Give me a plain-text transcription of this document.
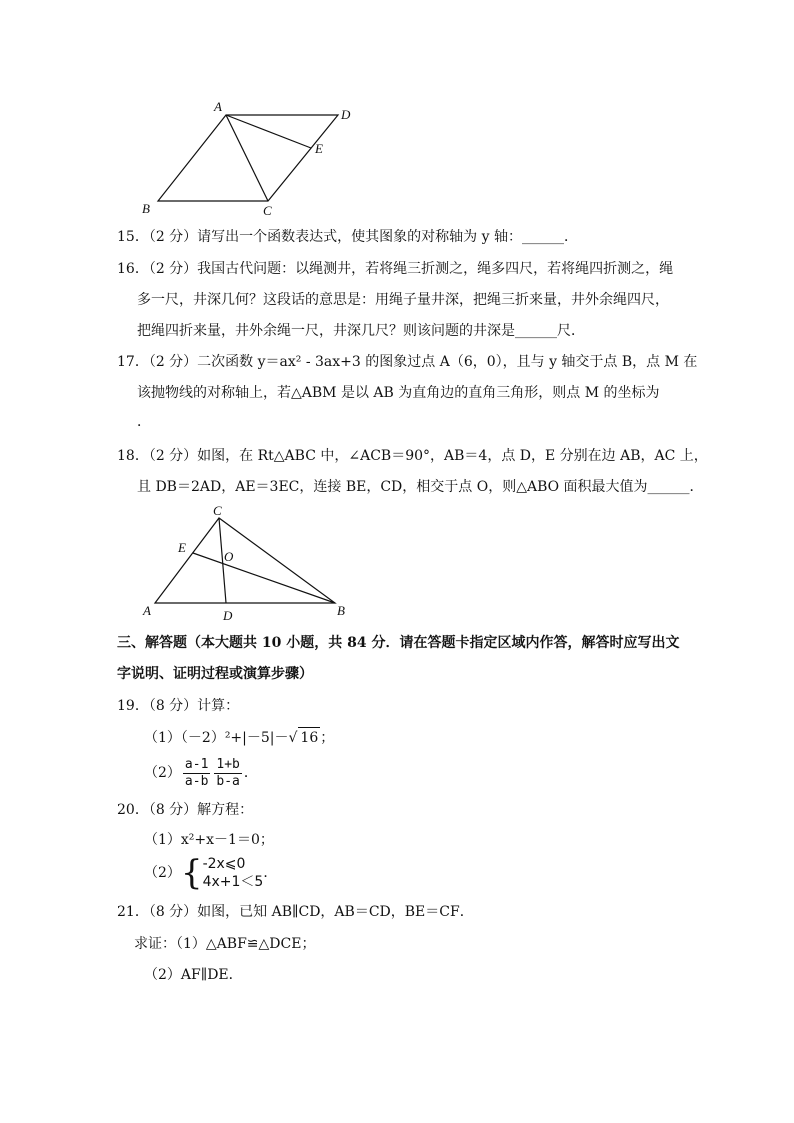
A
D
E
B	C
15．（2 分）请写出一个函数表达式，使其图象的对称轴为 y 轴：______．
16．（2 分）我国古代问题：以绳测井，若将绳三折测之，绳多四尺，若将绳四折测之，绳
多一尺，井深几何？这段话的意思是：用绳子量井深，把绳三折来量，井外余绳四尺，
把绳四折来量，井外余绳一尺，井深几尺？则该问题的井深是______尺．
17．（2 分）二次函数 y＝ax² - 3ax+3 的图象过点 A（6，0），且与 y 轴交于点 B，点 M 在
该抛物线的对称轴上，若△ABM 是以 AB 为直角边的直角三角形，则点 M 的坐标为
．
18．（2 分）如图，在 Rt△ABC 中，∠ACB＝90°，AB＝4，点 D，E 分别在边 AB，AC 上，
且 DB＝2AD，AE＝3EC，连接 BE，CD，相交于点 O，则△ABO 面积最大值为______．
C
E
O
A	D	B
三、解答题（本大题共 10 小题，共 84 分．请在答题卡指定区域内作答，解答时应写出文
字说明、证明过程或演算步骤）
19．（8 分）计算：
（1）（－2）²+|－5|－√ 16 ；
$(2) \frac{a-1}{a-b} \frac{1+b}{b-a}$ ．
20．（8 分）解方程：
（1）x²+x－1＝0；
（2）{ -2x⩽0
4x+1＜5
．
21．（8 分）如图，已知 AB∥CD，AB＝CD，BE＝CF．
求证：（1）△ABF≌△DCE；
（2）AF∥DE．
